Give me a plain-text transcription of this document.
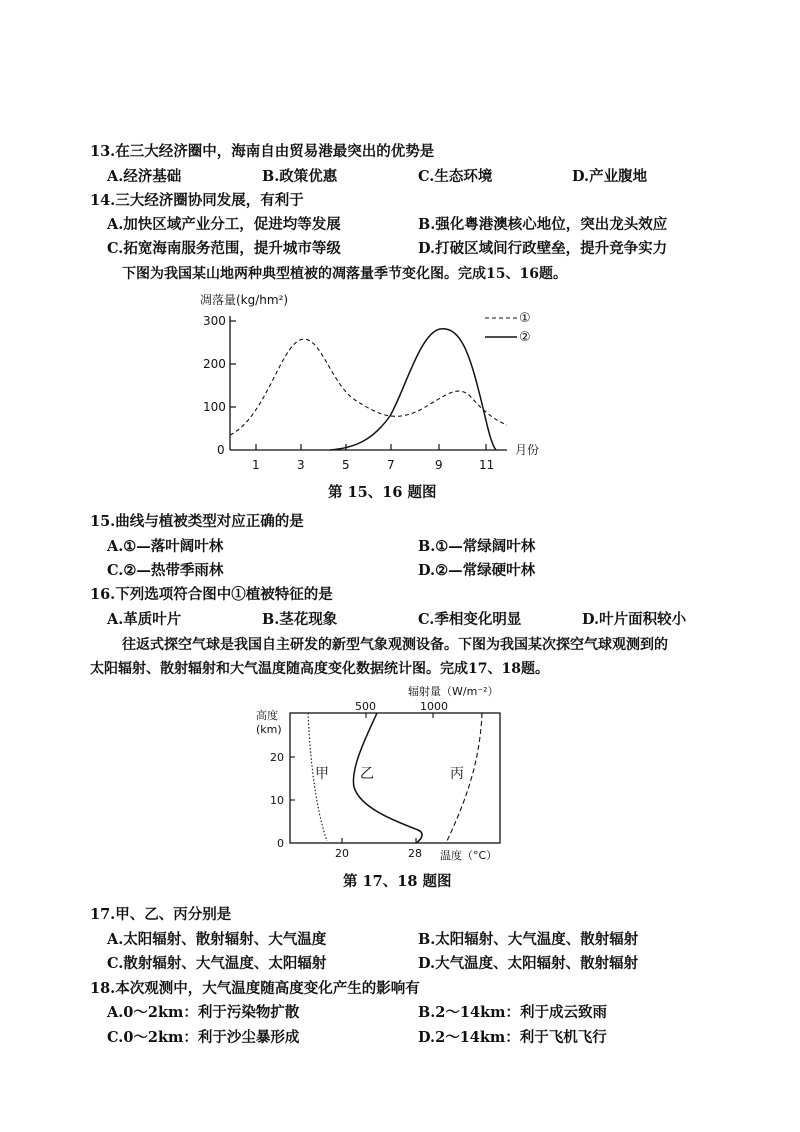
13.在三大经济圈中，海南自由贸易港最突出的优势是
A.经济基础	B.政策优惠	C.生态环境	D.产业腹地
14.三大经济圈协同发展，有利于
A.加快区域产业分工，促进均等发展	B.强化粤港澳核心地位，突出龙头效应
C.拓宽海南服务范围，提升城市等级	D.打破区域间行政壁垒，提升竞争实力
下图为我国某山地两种典型植被的凋落量季节变化图。完成15、16题。
凋落量(kg/hm²)
300
200
100
0
1	3	5	7	9	11
月份
①
②
第 15、16 题图
15.曲线与植被类型对应正确的是
A.①—落叶阔叶林	B.①—常绿阔叶林
C.②—热带季雨林	D.②—常绿硬叶林
16.下列选项符合图中①植被特征的是
A.革质叶片	B.茎花现象	C.季相变化明显	D.叶片面积较小
往返式探空气球是我国自主研发的新型气象观测设备。下图为我国某次探空气球观测到的
太阳辐射、散射辐射和大气温度随高度变化数据统计图。完成17、18题。
辐射量（W/m⁻²）
500	1000
高度
(km)
20
10
0
20	28 温度（°C）
甲 乙	丙
第 17、18 题图
17.甲、乙、丙分别是
A.太阳辐射、散射辐射、大气温度	B.太阳辐射、大气温度、散射辐射
C.散射辐射、大气温度、太阳辐射	D.大气温度、太阳辐射、散射辐射
18.本次观测中，大气温度随高度变化产生的影响有
A.0～2km：利于污染物扩散	B.2～14km：利于成云致雨
C.0～2km：利于沙尘暴形成	D.2～14km：利于飞机飞行
